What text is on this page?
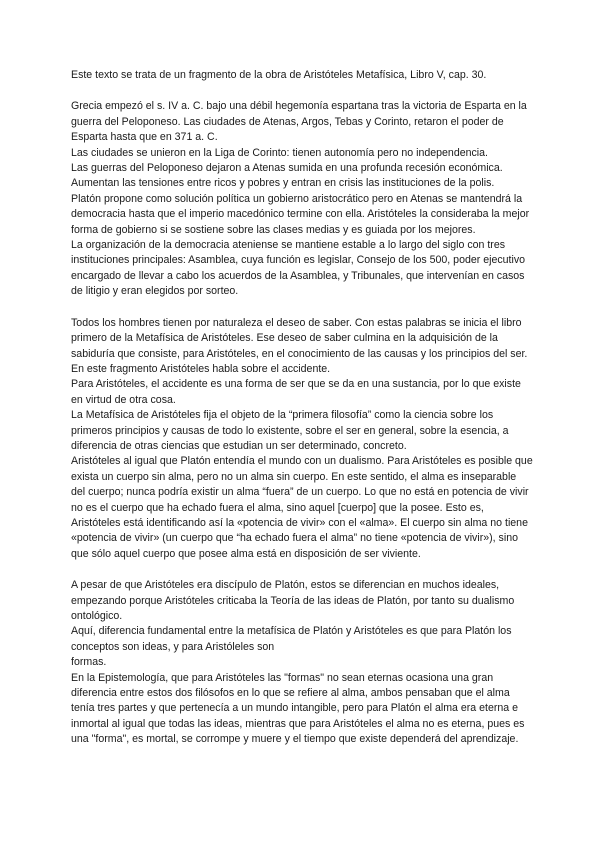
Este texto se trata de un fragmento de la obra de Aristóteles Metafísica, Libro V, cap. 30.

Grecia empezó el s. IV a. C. bajo una débil hegemonía espartana tras la victoria de Esparta en la guerra del Peloponeso. Las ciudades de Atenas, Argos, Tebas y Corinto, retaron el poder de Esparta hasta que en 371 a. C.

Las ciudades se unieron en la Liga de Corinto: tienen autonomía pero no independencia.

Las guerras del Peloponeso dejaron a Atenas sumida en una profunda recesión económica. Aumentan las tensiones entre ricos y pobres y entran en crisis las instituciones de la polis.

Platón propone como solución política un gobierno aristocrático pero en Atenas se mantendrá la democracia hasta que el imperio macedónico termine con ella. Aristóteles la consideraba la mejor forma de gobierno si se sostiene sobre las clases medias y es guiada por los mejores.

La organización de la democracia ateniense se mantiene estable a lo largo del siglo con tres instituciones principales: Asamblea, cuya función es legislar, Consejo de los 500, poder ejecutivo encargado de llevar a cabo los acuerdos de la Asamblea, y Tribunales, que intervenían en casos de litigio y eran elegidos por sorteo.

Todos los hombres tienen por naturaleza el deseo de saber. Con estas palabras se inicia el libro primero de la Metafísica de Aristóteles. Ese deseo de saber culmina en la adquisición de la sabiduría que consiste, para Aristóteles, en el conocimiento de las causas y los principios del ser.

En este fragmento Aristóteles habla sobre el accidente.

Para Aristóteles, el accidente es una forma de ser que se da en una sustancia, por lo que existe en virtud de otra cosa.

La Metafísica de Aristóteles fija el objeto de la “primera filosofía” como la ciencia sobre los primeros principios y causas de todo lo existente, sobre el ser en general, sobre la esencia, a diferencia de otras ciencias que estudian un ser determinado, concreto.

Aristóteles al igual que Platón entendía el mundo con un dualismo. Para Aristóteles es posible que exista un cuerpo sin alma, pero no un alma sin cuerpo. En este sentido, el alma es inseparable del cuerpo; nunca podría existir un alma “fuera” de un cuerpo. Lo que no está en potencia de vivir no es el cuerpo que ha echado fuera el alma, sino aquel [cuerpo] que la posee. Esto es, Aristóteles está identificando así la «potencia de vivir» con el «alma». El cuerpo sin alma no tiene «potencia de vivir» (un cuerpo que “ha echado fuera el alma” no tiene «potencia de vivir»), sino que sólo aquel cuerpo que posee alma está en disposición de ser viviente.

A pesar de que Aristóteles era discípulo de Platón, estos se diferencian en muchos ideales, empezando porque Aristóteles criticaba la Teoría de las ideas de Platón, por tanto su dualismo ontológico.

Aquí, diferencia fundamental entre la metafísica de Platón y Aristóteles es que para Platón los conceptos son ideas, y para Aristóleles son

formas.

En la Epistemología, que para Aristóteles las "formas" no sean eternas ocasiona una gran diferencia entre estos dos filósofos en lo que se refiere al alma, ambos pensaban que el alma tenía tres partes y que pertenecía a un mundo intangible, pero para Platón el alma era eterna e inmortal al igual que todas las ideas, mientras que para Aristóteles el alma no es eterna, pues es una "forma", es mortal, se corrompe y muere y el tiempo que existe dependerá del aprendizaje.
